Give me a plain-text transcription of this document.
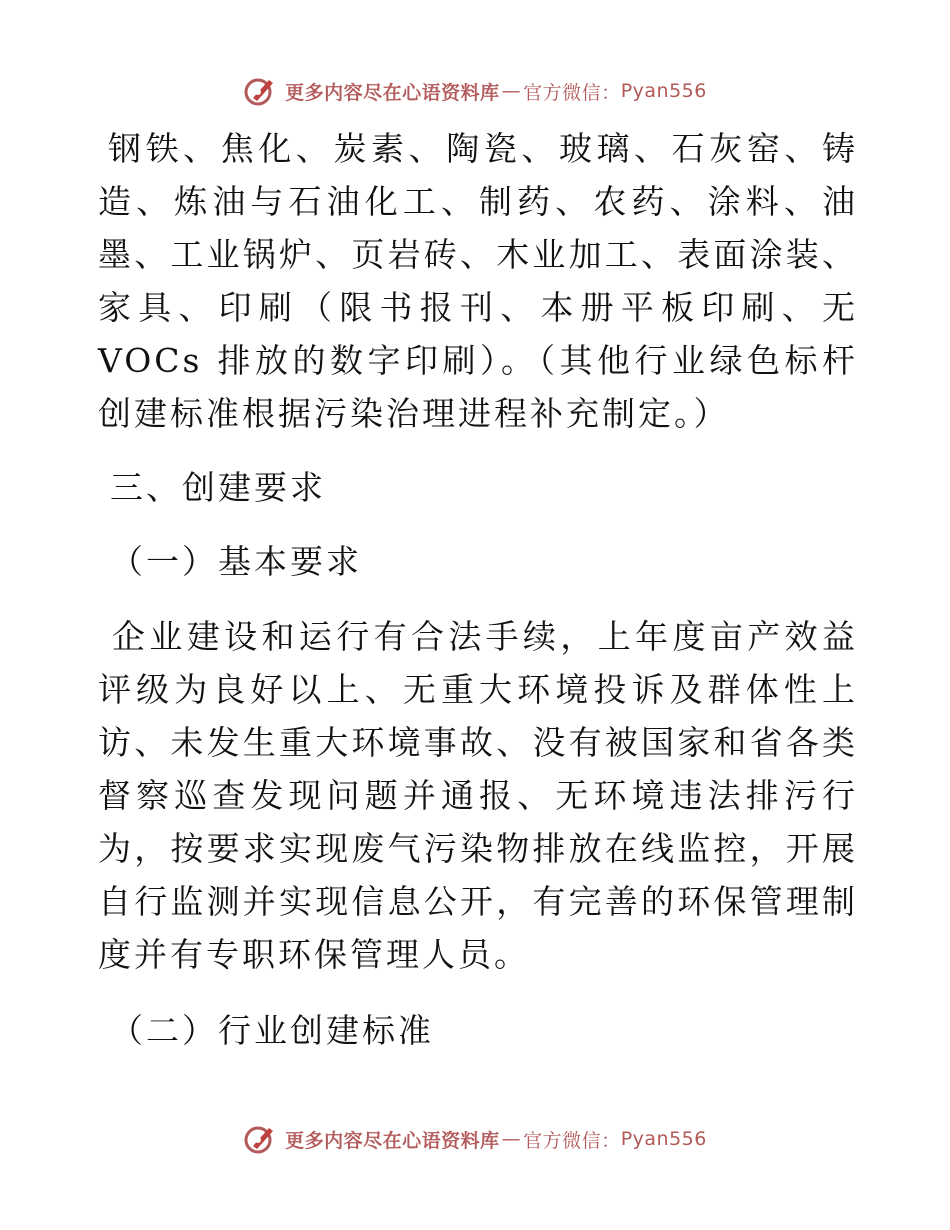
更多内容尽在心语资料库 — 官方微信： Pyan556

钢铁、焦化、炭素、陶瓷、玻璃、石灰窑、铸造、炼油与石油化工、制药、农药、涂料、油墨、工业锅炉、页岩砖、木业加工、表面涂装、家具、印刷（限书报刊、本册平板印刷、无 VOCs 排放的数字印刷）。（其他行业绿色标杆创建标准根据污染治理进程补充制定。）

三、创建要求

（一）基本要求

企业建设和运行有合法手续，上年度亩产效益评级为良好以上、无重大环境投诉及群体性上访、未发生重大环境事故、没有被国家和省各类督察巡查发现问题并通报、无环境违法排污行为，按要求实现废气污染物排放在线监控，开展自行监测并实现信息公开，有完善的环保管理制度并有专职环保管理人员。

（二）行业创建标准

更多内容尽在心语资料库 — 官方微信： Pyan556
